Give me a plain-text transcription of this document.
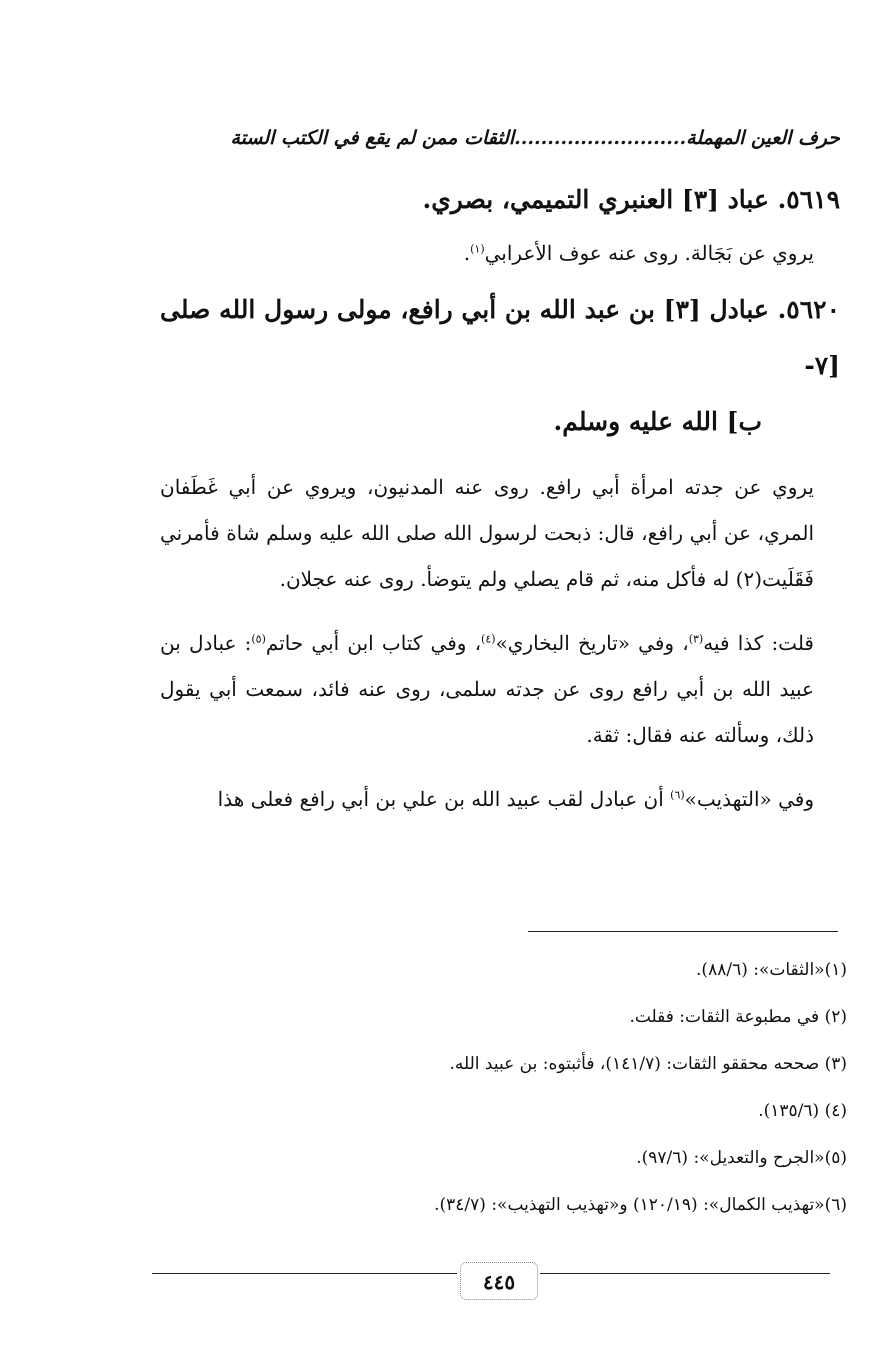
حرف العين المهملة..........................الثقات ممن لم يقع في الكتب الستة

٥٦١٩. عباد [٣] العنبري التميمي، بصري.

يروي عن بَجَالة. روى عنه عوف الأعرابي$^{(١)}$.

٥٦٢٠. عبادل [٣] بن عبد الله بن أبي رافع، مولى رسول الله صلى [٧-
ب] الله عليه وسلم.

يروي عن جدته امرأة أبي رافع. روى عنه المدنيون، ويروي عن أبي غَطَفان المري، عن أبي رافع، قال: ذبحت لرسول الله صلى الله عليه وسلم شاة فأمرني فَقَلَيت(٢) له فأكل منه، ثم قام يصلي ولم يتوضأ. روى عنه عجلان.

قلت: كذا فيه$^{(٣)}$، وفي «تاريخ البخاري»$^{(٤)}$، وفي كتاب ابن أبي حاتم$^{(٥)}$: عبادل بن عبيد الله بن أبي رافع روى عن جدته سلمى، روى عنه فائد، سمعت أبي يقول ذلك، وسألته عنه فقال: ثقة.

وفي «التهذيب»$^{(٦)}$ أن عبادل لقب عبيد الله بن علي بن أبي رافع فعلى هذا

(١)«الثقات»: (٨٨/٦).

(٢) في مطبوعة الثقات: فقلت.

(٣) صححه محققو الثقات: (١٤١/٧)، فأثبتوه: بن عبيد الله.

(٤) (١٣٥/٦).

(٥)«الجرح والتعديل»: (٩٧/٦).

(٦)«تهذيب الكمال»: (١٢٠/١٩) و«تهذيب التهذيب»: (٣٤/٧).

٤٤٥
